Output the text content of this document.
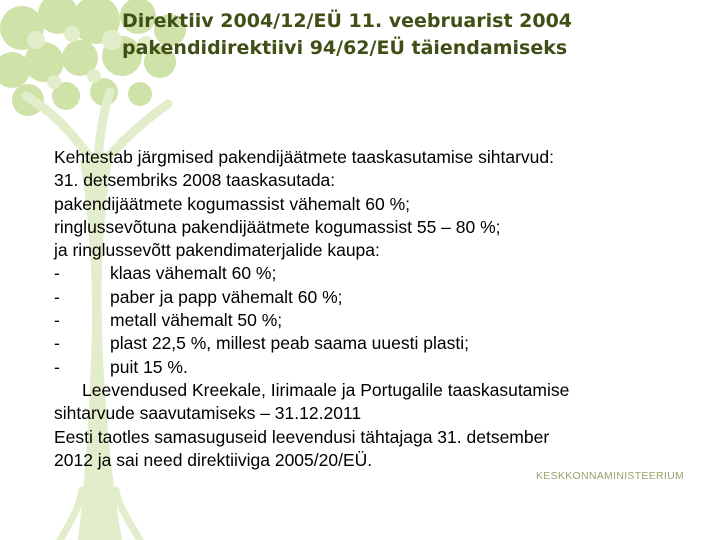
Direktiiv 2004/12/EÜ 11. veebruarist 2004
pakendidirektiivi 94/62/EÜ täiendamiseks
Kehtestab järgmised pakendijäätmete taaskasutamise sihtarvud:
31. detsembriks 2008 taaskasutada:
pakendijäätmete kogumassist vähemalt 60 %;
ringlussevõtuna pakendijäätmete kogumassist 55 – 80 %;
ja ringlussevõtt pakendimaterjalide kaupa:
-	klaas vähemalt 60 %;
-	paber ja papp vähemalt 60 %;
-	metall vähemalt 50 %;
-	plast 22,5 %, millest peab saama uuesti plasti;
-	puit 15 %.
Leevendused Kreekale, Iirimaale ja Portugalile taaskasutamise
sihtarvude saavutamiseks – 31.12.2011
Eesti taotles samasuguseid leevendusi tähtajaga 31. detsember
2012 ja sai need direktiiviga 2005/20/EÜ.
KESKKONNAMINISTEERIUM
